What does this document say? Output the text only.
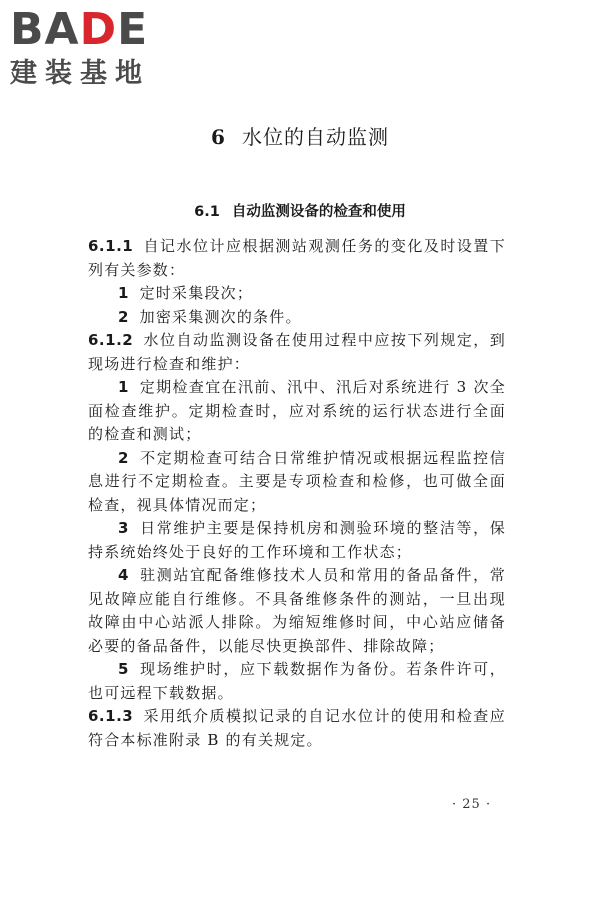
BADE
建装基地
6 水位的自动监测
6.1 自动监测设备的检查和使用

6.1.1 自记水位计应根据测站观测任务的变化及时设置下列有关参数：

1 定时采集段次；

2 加密采集测次的条件。

6.1.2 水位自动监测设备在使用过程中应按下列规定，到现场进行检查和维护：

1 定期检查宜在汛前、汛中、汛后对系统进行 3 次全面检查维护。定期检查时，应对系统的运行状态进行全面的检查和测试；

2 不定期检查可结合日常维护情况或根据远程监控信息进行不定期检查。主要是专项检查和检修，也可做全面检查，视具体情况而定；

3 日常维护主要是保持机房和测验环境的整洁等，保持系统始终处于良好的工作环境和工作状态；

4 驻测站宜配备维修技术人员和常用的备品备件，常见故障应能自行维修。不具备维修条件的测站，一旦出现故障由中心站派人排除。为缩短维修时间，中心站应储备必要的备品备件，以能尽快更换部件、排除故障；

5 现场维护时，应下载数据作为备份。若条件许可，也可远程下载数据。

6.1.3 采用纸介质模拟记录的自记水位计的使用和检查应符合本标准附录 B 的有关规定。

· 25 ·
